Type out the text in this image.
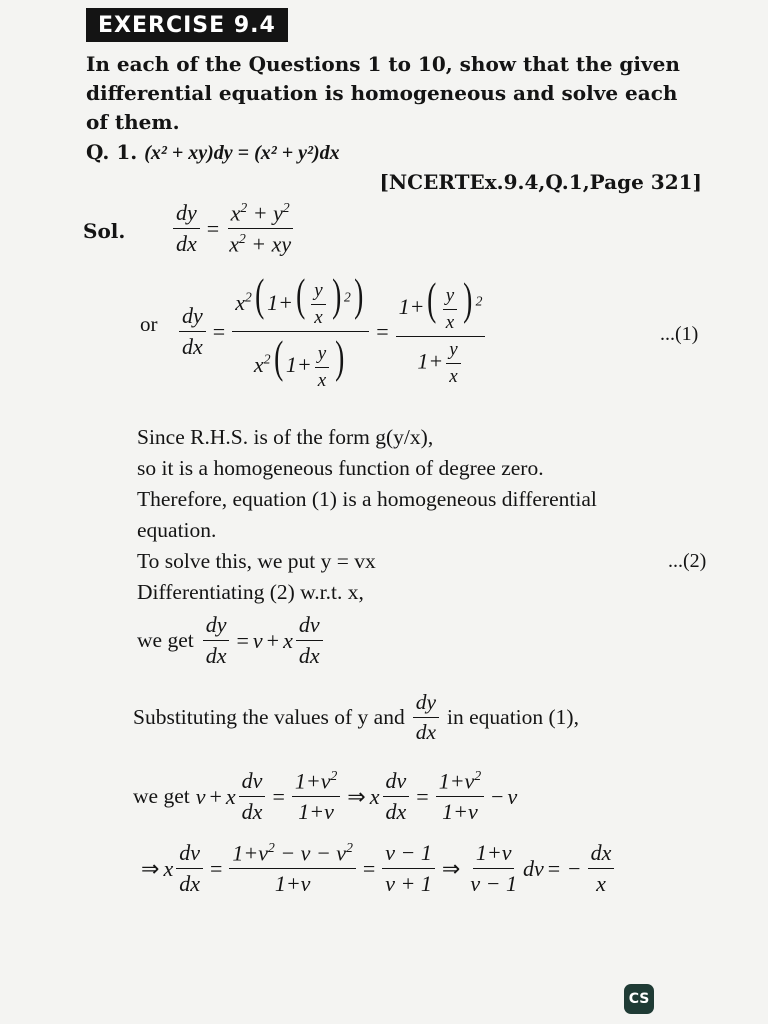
EXERCISE 9.4
In each of the Questions 1 to 10, show that the given differential equation is homogeneous and solve each of them.
Q. 1. (x² + xy)dy = (x² + y²)dx
[NCERTEx.9.4,Q.1,Page 321]
Sol. $\frac{dy}{dx} = \frac{x^2 + y^2}{x^2 + xy}$
or $\frac{dy}{dx} = \frac{x^2( 1+( \frac{y}{x} ) ^2)}{x^2( 1+ \frac{y}{x} )} = \frac{1+( \frac{y}{x} ) ^2}{1+ \frac{y}{x}}$	...(1)
Since R.H.S. is of the form g(y/x),
so it is a homogeneous function of degree zero.
Therefore, equation (1) is a homogeneous differential
equation.
To solve this, we put y = vx
Differentiating (2) w.r.t. x,
...(2)
we get $\frac{dy}{dx} = v + x \frac{dv}{dx}$
Substituting the values of y and $\frac{dy}{dx}$ in equation (1),
we get v + x $\frac{dv}{dx} = \frac{1+v^2}{1+v}$ ⇒ x $\frac{dv}{dx} = \frac{1+v^2}{1+v} - v$
⇒ x $\frac{dv}{dx} = \frac{1+v^2 - v - v^2}{1+v} = \frac{v - 1}{v + 1}$ ⇒ $\frac{1+v}{v - 1}$ dv = − $\frac{dx}{x}$
CS
